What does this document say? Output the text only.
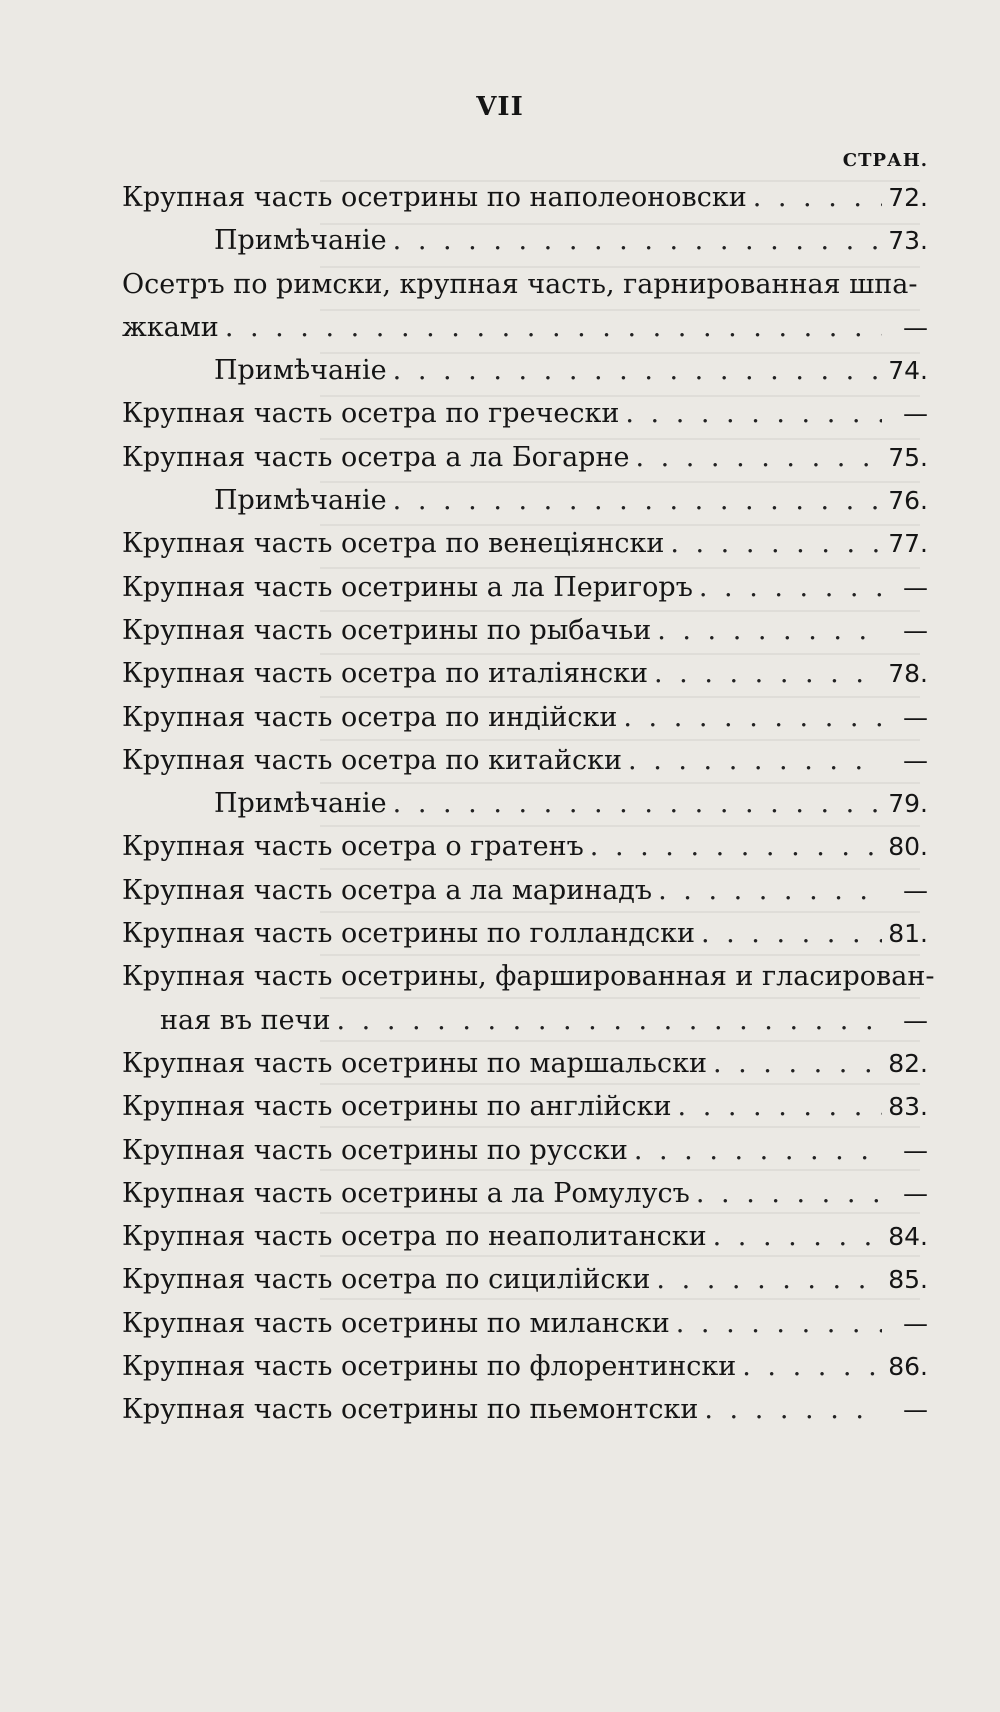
VII
СТРАН.
Крупная часть осетрины по наполеоновски . . .	72.
Примѣчаніе . . .	73.
Осетръ по римски, крупная часть, гарнированная шпа-
жками . . .	—
Примѣчаніе . . .	74.
Крупная часть осетра по гречески . . .	—
Крупная часть осетра а ла Богарне . . .	75.
Примѣчаніе . . .	76.
Крупная часть осетра по венеціянски . . .	77.
Крупная часть осетрины а ла Перигоръ . . .	—
Крупная часть осетрины по рыбачьи . . .	—
Крупная часть осетра по италіянски . . .	78.
Крупная часть осетра по индійски . . .	—
Крупная часть осетра по китайски . . .	—
Примѣчаніе . . .	79.
Крупная часть осетра о гратенъ . . .	80.
Крупная часть осетра а ла маринадъ . . .	—
Крупная часть осетрины по голландски . . .	81.
Крупная часть осетрины, фаршированная и гласирован-
ная въ печи . . .	—
Крупная часть осетрины по маршальски . . .	82.
Крупная часть осетрины по англійски . . .	83.
Крупная часть осетрины по русски . . .	—
Крупная часть осетрины а ла Ромулусъ . . .	—
Крупная часть осетра по неаполитански . . .	84.
Крупная часть осетра по сицилійски . . .	85.
Крупная часть осетрины по милански . . .	—
Крупная часть осетрины по флорентински . . .	86.
Крупная часть осетрины по пьемонтски . . .	—
